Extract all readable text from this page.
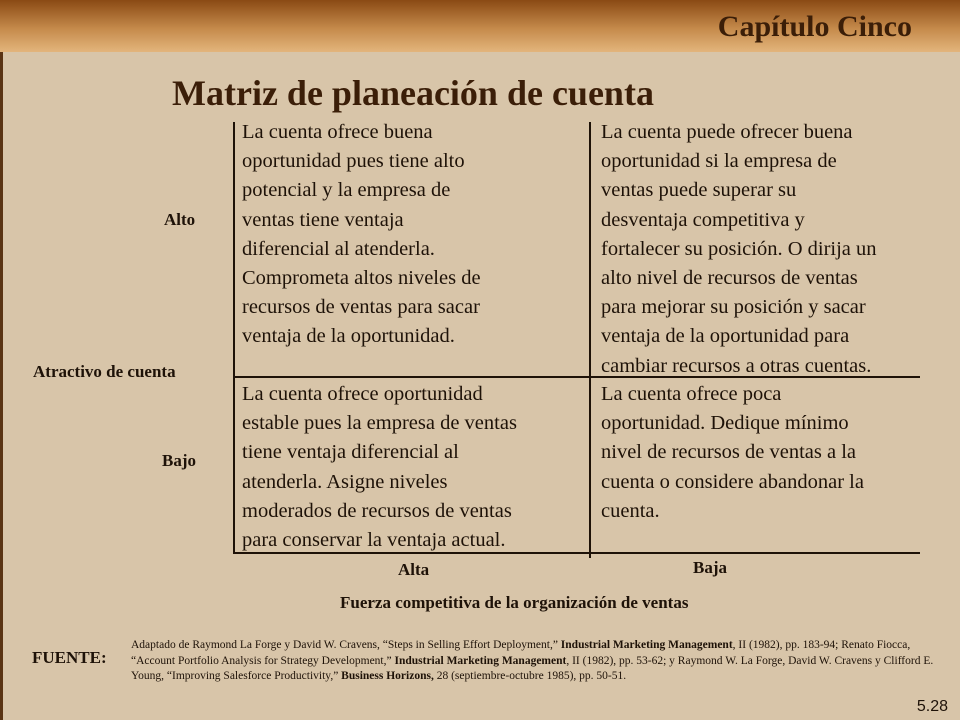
Capítulo Cinco
Matriz de planeación de cuenta
Alto
Atractivo de cuenta
Bajo

La cuenta ofrece buena

oportunidad pues tiene alto

potencial y la empresa de

ventas tiene ventaja

diferencial al atenderla.

Comprometa altos niveles de

recursos de ventas para sacar

ventaja de la oportunidad.

La cuenta puede ofrecer buena

oportunidad si la empresa de

ventas puede superar su

desventaja competitiva y

fortalecer su posición. O dirija un

alto nivel de recursos de ventas

para mejorar su posición y sacar

ventaja de la oportunidad para

cambiar recursos a otras cuentas.

La cuenta ofrece oportunidad

estable pues la empresa de ventas

tiene ventaja diferencial al

atenderla. Asigne niveles

moderados de recursos de ventas

para conservar la ventaja actual.

La cuenta ofrece poca

oportunidad. Dedique mínimo

nivel de recursos de ventas a la

cuenta o considere abandonar la

cuenta.

Alta	Baja
Fuerza competitiva de la organización de ventas
FUENTE:
Adaptado de Raymond La Forge y David W. Cravens, “Steps in Selling Effort Deployment,” Industrial Marketing Management, II (1982), pp. 183-94; Renato Fiocca, “Account Portfolio Analysis for Strategy Development,” Industrial Marketing Management, II (1982), pp. 53-62; y Raymond W. La Forge, David W. Cravens y Clifford E. Young, “Improving Salesforce Productivity,” Business Horizons, 28 (septiembre-octubre 1985), pp. 50-51.
5.28
